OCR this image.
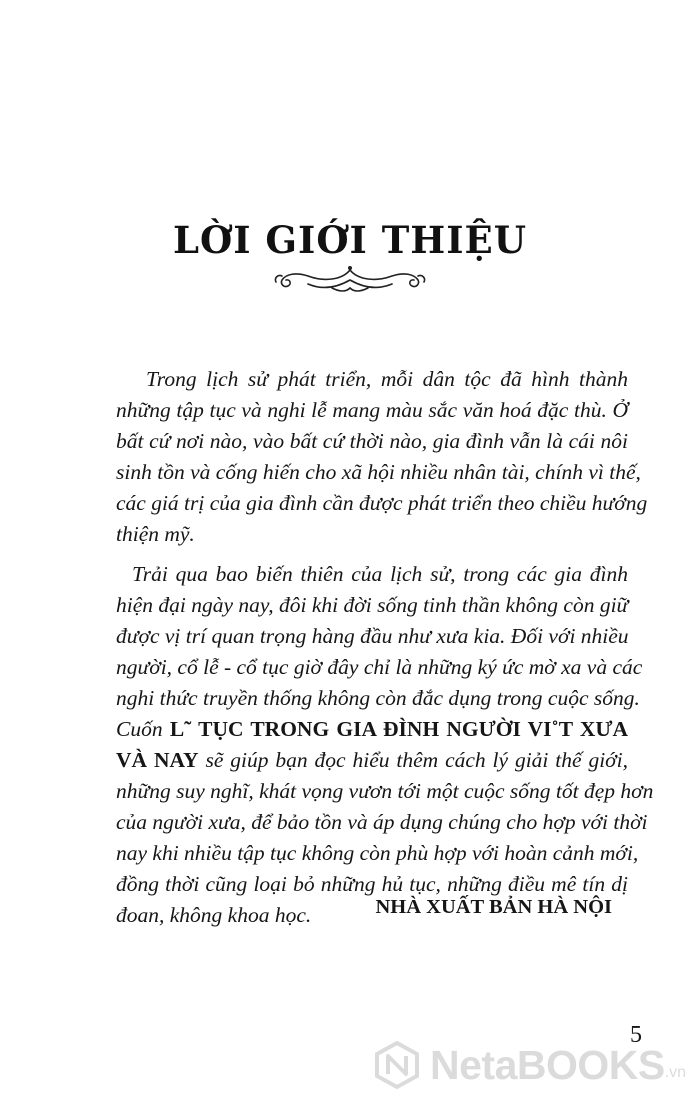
LỜI GIỚI THIỆU
Trong lịch sử phát triển, mỗi dân tộc đã hình thành
những tập tục và nghi lễ mang màu sắc văn hoá đặc thù. Ở
bất cứ nơi nào, vào bất cứ thời nào, gia đình vẫn là cái nôi
sinh tồn và cống hiến cho xã hội nhiều nhân tài, chính vì thế,
các giá trị của gia đình cần được phát triển theo chiều hướng
thiện mỹ.
Trải qua bao biến thiên của lịch sử, trong các gia đình
hiện đại ngày nay, đôi khi đời sống tinh thần không còn giữ
được vị trí quan trọng hàng đầu như xưa kia. Đối với nhiều
người, cổ lễ - cổ tục giờ đây chỉ là những ký ức mờ xa và các
nghi thức truyền thống không còn đắc dụng trong cuộc sống.
Cuốn L˜ TỤC TRONG GIA ĐÌNH NGƯỜI VI˚T XƯA
VÀ NAY sẽ giúp bạn đọc hiểu thêm cách lý giải thế giới,
những suy nghĩ, khát vọng vươn tới một cuộc sống tốt đẹp hơn
của người xưa, để bảo tồn và áp dụng chúng cho hợp với thời
nay khi nhiều tập tục không còn phù hợp với hoàn cảnh mới,
đồng thời cũng loại bỏ những hủ tục, những điều mê tín dị
đoan, không khoa học.	NHÀ XUẤT BẢN HÀ NỘI
5
NetaBOOKS .vn
